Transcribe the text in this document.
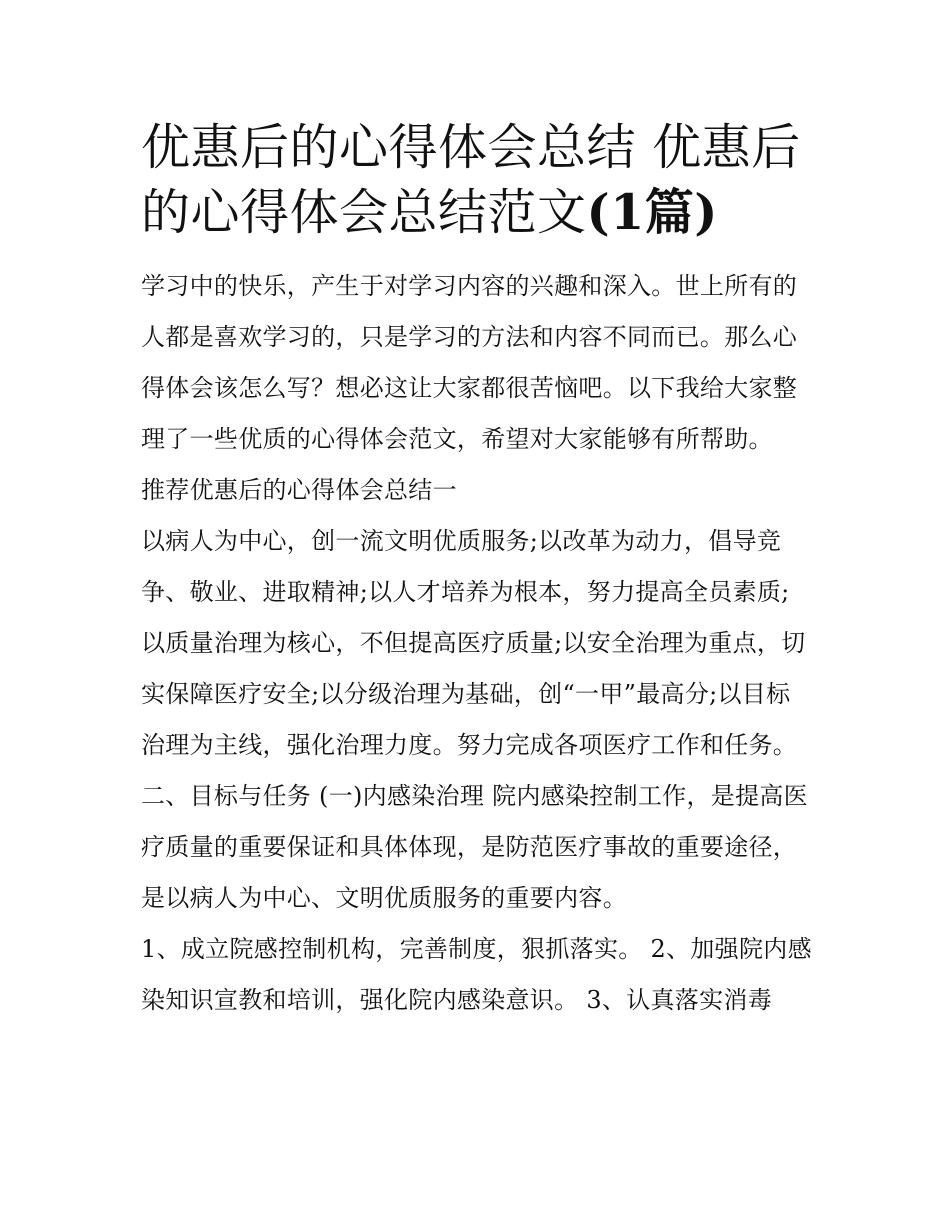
优惠后的心得体会总结 优惠后的心得体会总结范文(1篇)

学习中的快乐，产生于对学习内容的兴趣和深入。世上所有的人都是喜欢学习的，只是学习的方法和内容不同而已。那么心得体会该怎么写？想必这让大家都很苦恼吧。以下我给大家整理了一些优质的心得体会范文，希望对大家能够有所帮助。

推荐优惠后的心得体会总结一

以病人为中心，创一流文明优质服务;以改革为动力，倡导竞争、敬业、进取精神;以人才培养为根本，努力提高全员素质;以质量治理为核心，不但提高医疗质量;以安全治理为重点，切实保障医疗安全;以分级治理为基础，创“一甲”最高分;以目标治理为主线，强化治理力度。努力完成各项医疗工作和任务。

二、目标与任务 (一)内感染治理 院内感染控制工作，是提高医疗质量的重要保证和具体体现，是防范医疗事故的重要途径，是以病人为中心、文明优质服务的重要内容。

1、成立院感控制机构，完善制度，狠抓落实。 2、加强院内感染知识宣教和培训，强化院内感染意识。 3、认真落实消毒
